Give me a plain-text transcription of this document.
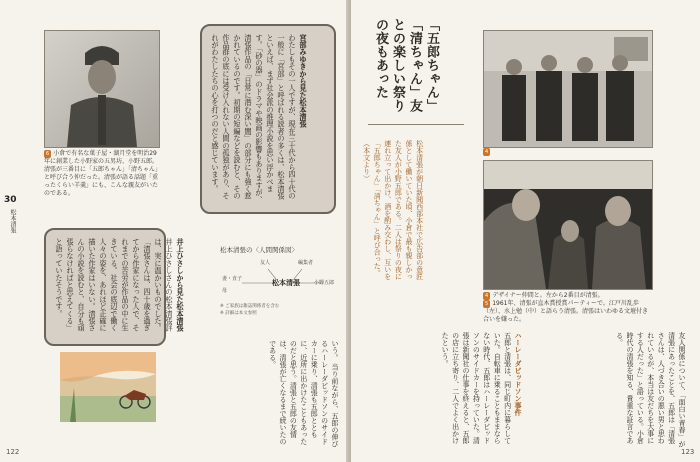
6 小倉で有名な菓子屋・湖月堂を明治29年に創業した小野家の五男坊、小野五郎。清張が三番目に「五郎ちゃん」「清ちゃん」と呼び合う仲だった。清張が語る話題「重ったくらい羊羹」にも、こんな親友がいたのである。
宮部みゆきから見た松本清張
わたしもその一人ですが、現在三十代から四十代の一般に「宮部」と呼ばれる読者の多くは、松本清張といえば、まず社会派の推理小説を思い浮かべます。「砂の器」のドラマや映画の影響もありますが、清張作品の「日常に潜む深い闇」の部分にも強く惹かれているのです。初期の短編などを読むと、その作品群の底には受け入れない人間の孤独があり、それがわたしたちの心を打つのだと感じています。
井上ひさしから見た松本清張
井上ひさしさんの松本清張評は、実に温かいものでした。「清張さんは、四十歳を過ぎてから作家になった人で、それまでの苦労が作品の中に生きている。社会の底辺で働く人々の姿を、あれほど正確に描いた作家はいない。清張さんの小説を読むと、自分も頑張らなければと思えてくる」と語っていたそうです。	松本清張の〈人間関係図〉
友人	編集者
妻・直子
母
松本清張	小野五郎
※ ご家族は雑誌関係者を含む
※ 詳細は本文参照
いう。 当り前ながら、五郎の伸びるハーレーダビッドソンのサイドカーに乗り、清張も五郎とともに、近所に出かけたこともあったのだと思う。清張と五郎の友情は、清張が亡くなるまで続いたのである。
30
松本清張
122
「五郎ちゃん」「清ちゃん」友との楽しい祭りの夜もあった
松本清張が朝日新聞西部本社で広告部の意匠係として働いていた頃、小倉で最も親しかった友人が小野五郎である。二人は祭りの夜に連れ立って出かけ、酒を酌み交わし、互いを「五郎ちゃん」「清ちゃん」と呼び合った。（本文より）	4
4 デザイナー仲間と。左から2番目が清張。
5 1961年、清張が直木賞授賞パーティーで。江戸川乱歩（左）、水上勉（中）と語らう清張。清張はいわゆる文壇付き合いを嫌った。
友人関係について、「面白い青春」が清張にあったことを、五郎は「清張さんは、人づき合いの悪い男と思われているが、本当は友だちを大事にする人だった」と語っている。小倉時代の清張を知る、貴重な証言である。
ハーレーダビッドソン事件
五郎と清張は、同じ町内に暮らしていた。自転車に乗ることもままならない時代、五郎はハーレーダビッドソンのサイドカーを持っていた。清張は新聞社の仕事を終えると、五郎の店に立ち寄り、二人でよく出かけたという。
123
